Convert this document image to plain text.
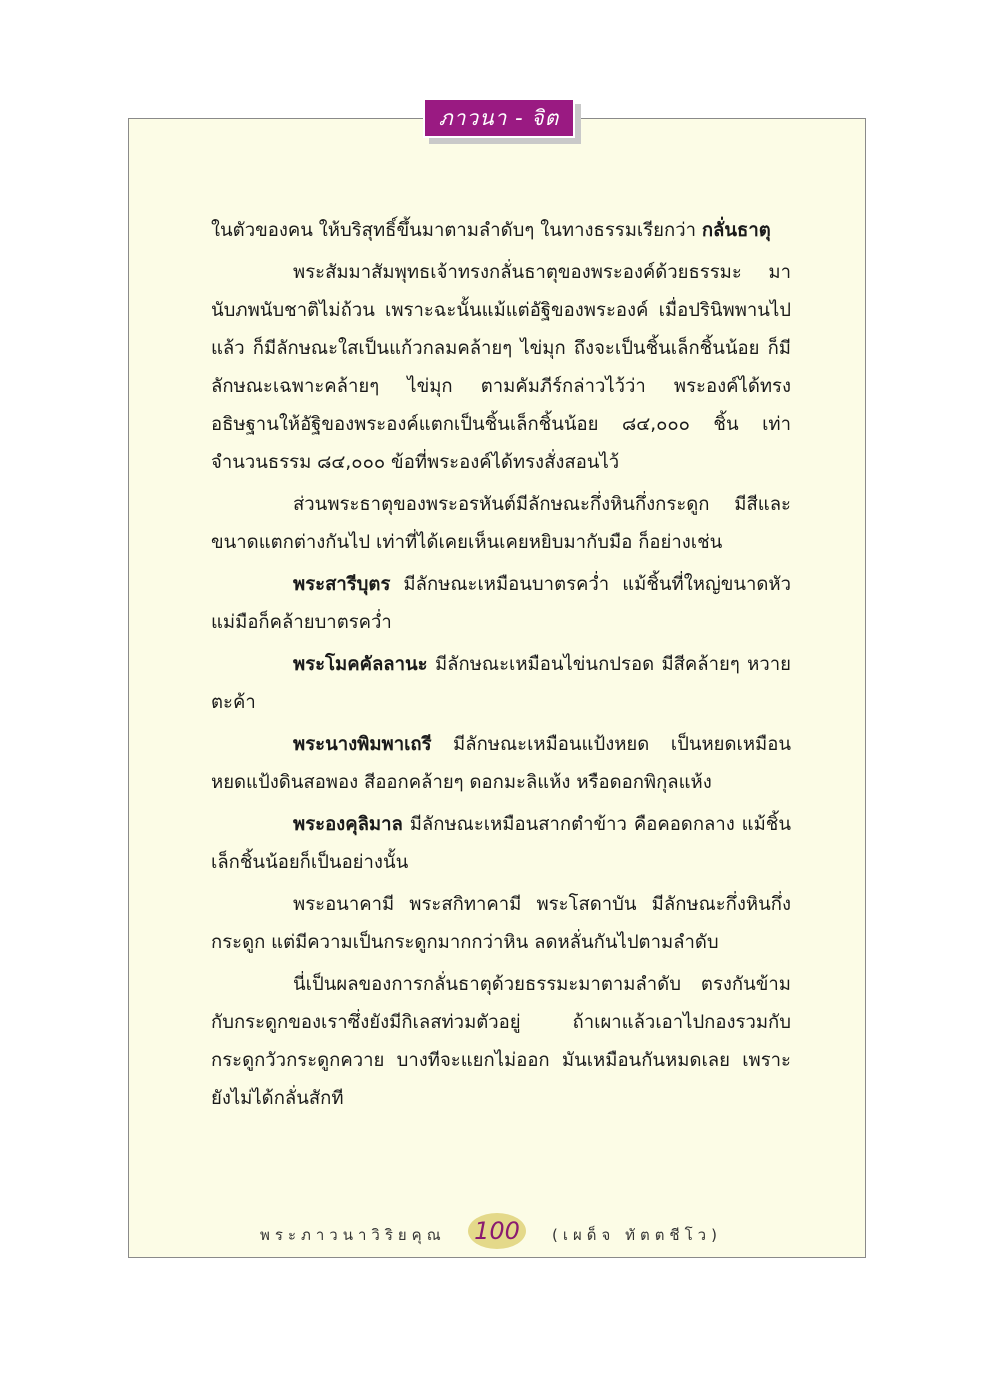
ภาวนา - จิต

ในตัวของคน ให้บริสุทธิ์ขึ้นมาตามลำดับๆ ในทางธรรมเรียกว่า กลั่นธาตุ

พระสัมมาสัมพุทธเจ้าทรงกลั่นธาตุของพระองค์ด้วยธรรมะ มานับภพนับชาติไม่ถ้วน เพราะฉะนั้นแม้แต่อัฐิของพระองค์ เมื่อปรินิพพานไปแล้ว ก็มีลักษณะใสเป็นแก้วกลมคล้ายๆ ไข่มุก ถึงจะเป็นชิ้นเล็กชิ้นน้อย ก็มีลักษณะเฉพาะคล้ายๆ ไข่มุก ตามคัมภีร์กล่าวไว้ว่า พระองค์ได้ทรงอธิษฐานให้อัฐิของพระองค์แตกเป็นชิ้นเล็กชิ้นน้อย ๘๔,๐๐๐ ชิ้น เท่าจำนวนธรรม ๘๔,๐๐๐ ข้อที่พระองค์ได้ทรงสั่งสอนไว้

ส่วนพระธาตุของพระอรหันต์มีลักษณะกึ่งหินกึ่งกระดูก มีสีและขนาดแตกต่างกันไป เท่าที่ได้เคยเห็นเคยหยิบมากับมือ ก็อย่างเช่น

พระสารีบุตร มีลักษณะเหมือนบาตรคว่ำ แม้ชิ้นที่ใหญ่ขนาดหัว แม่มือก็คล้ายบาตรคว่ำ

พระโมคคัลลานะ มีลักษณะเหมือนไข่นกปรอด มีสีคล้ายๆ หวายตะค้า

พระนางพิมพาเถรี มีลักษณะเหมือนแป้งหยด เป็นหยดเหมือนหยดแป้งดินสอพอง สีออกคล้ายๆ ดอกมะลิแห้ง หรือดอกพิกุลแห้ง

พระองคุลิมาล มีลักษณะเหมือนสากตำข้าว คือคอดกลาง แม้ชิ้นเล็กชิ้นน้อยก็เป็นอย่างนั้น

พระอนาคามี พระสกิทาคามี พระโสดาบัน มีลักษณะกึ่งหินกึ่งกระดูก แต่มีความเป็นกระดูกมากกว่าหิน ลดหลั่นกันไปตามลำดับ

นี่เป็นผลของการกลั่นธาตุด้วยธรรมะมาตามลำดับ ตรงกันข้ามกับกระดูกของเราซึ่งยังมีกิเลสท่วมตัวอยู่ ถ้าเผาแล้วเอาไปกองรวมกับกระดูกวัวกระดูกควาย บางทีจะแยกไม่ออก มันเหมือนกันหมดเลย เพราะยังไม่ได้กลั่นสักที

พระภาวนาวิริยคุณ 100	(เผด็จ ทัตตชีโว)
